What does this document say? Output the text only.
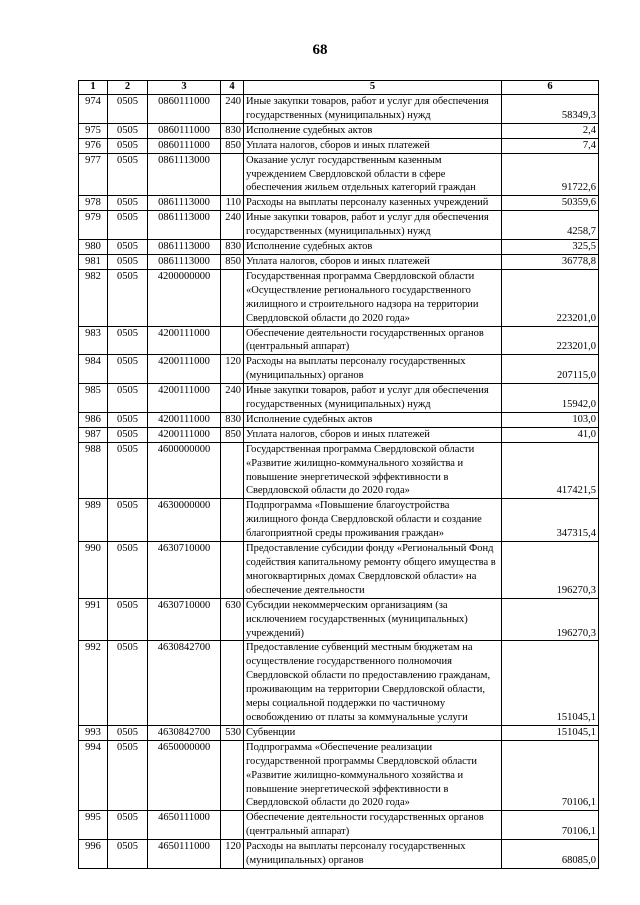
68
1	2	3	4	5	6
974	0505	0860111000	240	Иные закупки товаров, работ и услуг для обеспечения государственных (муниципальных) нужд	58349,3
975	0505	0860111000	830	Исполнение судебных актов	2,4
976	0505	0860111000	850	Уплата налогов, сборов и иных платежей	7,4
977	0505	0861113000		Оказание услуг государственным казенным учреждением Свердловской области в сфере обеспечения жильем отдельных категорий граждан	91722,6
978	0505	0861113000	110	Расходы на выплаты персоналу казенных учреждений	50359,6
979	0505	0861113000	240	Иные закупки товаров, работ и услуг для обеспечения государственных (муниципальных) нужд	4258,7
980	0505	0861113000	830	Исполнение судебных актов	325,5
981	0505	0861113000	850	Уплата налогов, сборов и иных платежей	36778,8
982	0505	4200000000		Государственная программа Свердловской области «Осуществление регионального государственного жилищного и строительного надзора на территории Свердловской области до 2020 года»	223201,0
983	0505	4200111000		Обеспечение деятельности государственных органов (центральный аппарат)	223201,0
984	0505	4200111000	120	Расходы на выплаты персоналу государственных (муниципальных) органов	207115,0
985	0505	4200111000	240	Иные закупки товаров, работ и услуг для обеспечения государственных (муниципальных) нужд	15942,0
986	0505	4200111000	830	Исполнение судебных актов	103,0
987	0505	4200111000	850	Уплата налогов, сборов и иных платежей	41,0
988	0505	4600000000		Государственная программа Свердловской области «Развитие жилищно-коммунального хозяйства и повышение энергетической эффективности в Свердловской области до 2020 года»	417421,5
989	0505	4630000000		Подпрограмма «Повышение благоустройства жилищного фонда Свердловской области и создание благоприятной среды проживания граждан»	347315,4
990	0505	4630710000		Предоставление субсидии фонду «Региональный Фонд содействия капитальному ремонту общего имущества в многоквартирных домах Свердловской области» на обеспечение деятельности	196270,3
991	0505	4630710000	630	Субсидии некоммерческим организациям (за исключением государственных (муниципальных) учреждений)	196270,3
992	0505	4630842700		Предоставление субвенций местным бюджетам на осуществление государственного полномочия Свердловской области по предоставлению гражданам, проживающим на территории Свердловской области, меры социальной поддержки по частичному освобождению от платы за коммунальные услуги	151045,1
993	0505	4630842700	530	Субвенции	151045,1
994	0505	4650000000		Подпрограмма «Обеспечение реализации государственной программы Свердловской области «Развитие жилищно-коммунального хозяйства и повышение энергетической эффективности в Свердловской области до 2020 года»	70106,1
995	0505	4650111000		Обеспечение деятельности государственных органов (центральный аппарат)	70106,1
996	0505	4650111000	120	Расходы на выплаты персоналу государственных (муниципальных) органов	68085,0
